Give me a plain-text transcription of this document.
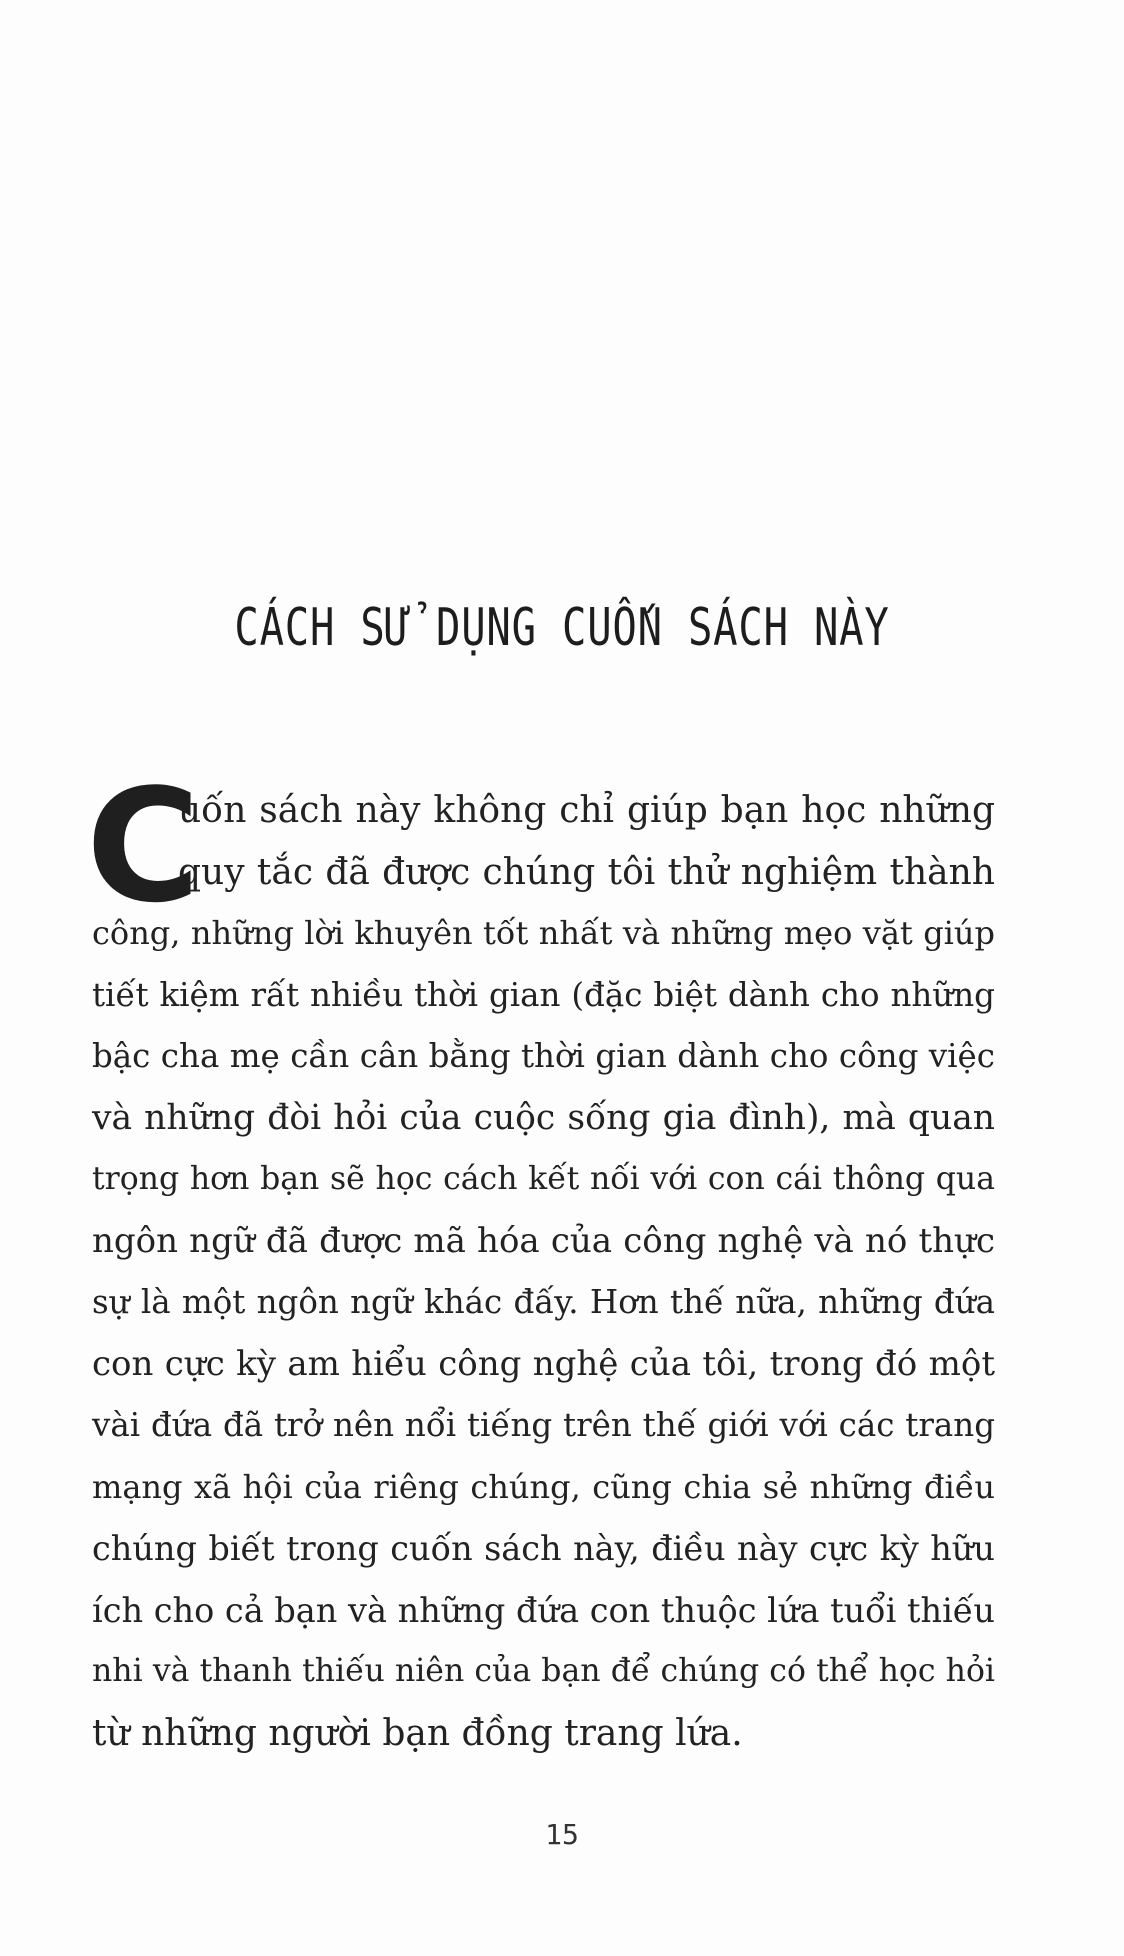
CÁCH SỬ DỤNG CUỐN SÁCH NÀY
C
uốn sách này không chỉ giúp bạn học những
quy tắc đã được chúng tôi thử nghiệm thành
công, những lời khuyên tốt nhất và những mẹo vặt giúp
tiết kiệm rất nhiều thời gian (đặc biệt dành cho những
bậc cha mẹ cần cân bằng thời gian dành cho công việc
và những đòi hỏi của cuộc sống gia đình), mà quan
trọng hơn bạn sẽ học cách kết nối với con cái thông qua
ngôn ngữ đã được mã hóa của công nghệ và nó thực
sự là một ngôn ngữ khác đấy. Hơn thế nữa, những đứa
con cực kỳ am hiểu công nghệ của tôi, trong đó một
vài đứa đã trở nên nổi tiếng trên thế giới với các trang
mạng xã hội của riêng chúng, cũng chia sẻ những điều
chúng biết trong cuốn sách này, điều này cực kỳ hữu
ích cho cả bạn và những đứa con thuộc lứa tuổi thiếu
nhi và thanh thiếu niên của bạn để chúng có thể học hỏi
từ những người bạn đồng trang lứa.
15
